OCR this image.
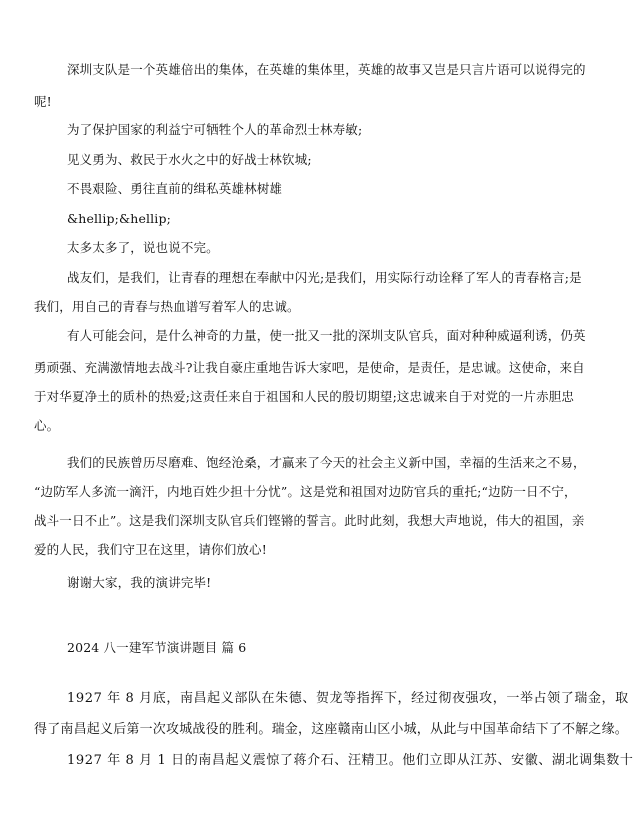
深圳支队是一个英雄倍出的集体，在英雄的集体里，英雄的故事又岂是只言片语可以说得完的
呢!
为了保护国家的利益宁可牺牲个人的革命烈士林寿敏;
见义勇为、救民于水火之中的好战士林钦城;
不畏艰险、勇往直前的缉私英雄林树雄
&hellip;&hellip;
太多太多了，说也说不完。
战友们，是我们，让青春的理想在奉献中闪光;是我们，用实际行动诠释了军人的青春格言;是
我们，用自己的青春与热血谱写着军人的忠诚。
有人可能会问，是什么神奇的力量，使一批又一批的深圳支队官兵，面对种种威逼利诱，仍英
勇顽强、充满激情地去战斗?让我自豪庄重地告诉大家吧，是使命，是责任，是忠诚。这使命，来自
于对华夏净土的质朴的热爱;这责任来自于祖国和人民的殷切期望;这忠诚来自于对党的一片赤胆忠
心。
我们的民族曾历尽磨难、饱经沧桑，才赢来了今天的社会主义新中国，幸福的生活来之不易，
“边防军人多流一滴汗，内地百姓少担十分忧”。这是党和祖国对边防官兵的重托;“边防一日不宁，
战斗一日不止”。这是我们深圳支队官兵们铿锵的誓言。此时此刻，我想大声地说，伟大的祖国，亲
爱的人民，我们守卫在这里，请你们放心!
谢谢大家，我的演讲完毕!
2024 八一建军节演讲题目 篇 6
1927 年 8 月底，南昌起义部队在朱德、贺龙等指挥下，经过彻夜强攻，一举占领了瑞金，取
得了南昌起义后第一次攻城战役的胜利。瑞金，这座赣南山区小城，从此与中国革命结下了不解之缘。
1927 年 8 月 1 日的南昌起义震惊了蒋介石、汪精卫。他们立即从江苏、安徽、湖北调集数十
